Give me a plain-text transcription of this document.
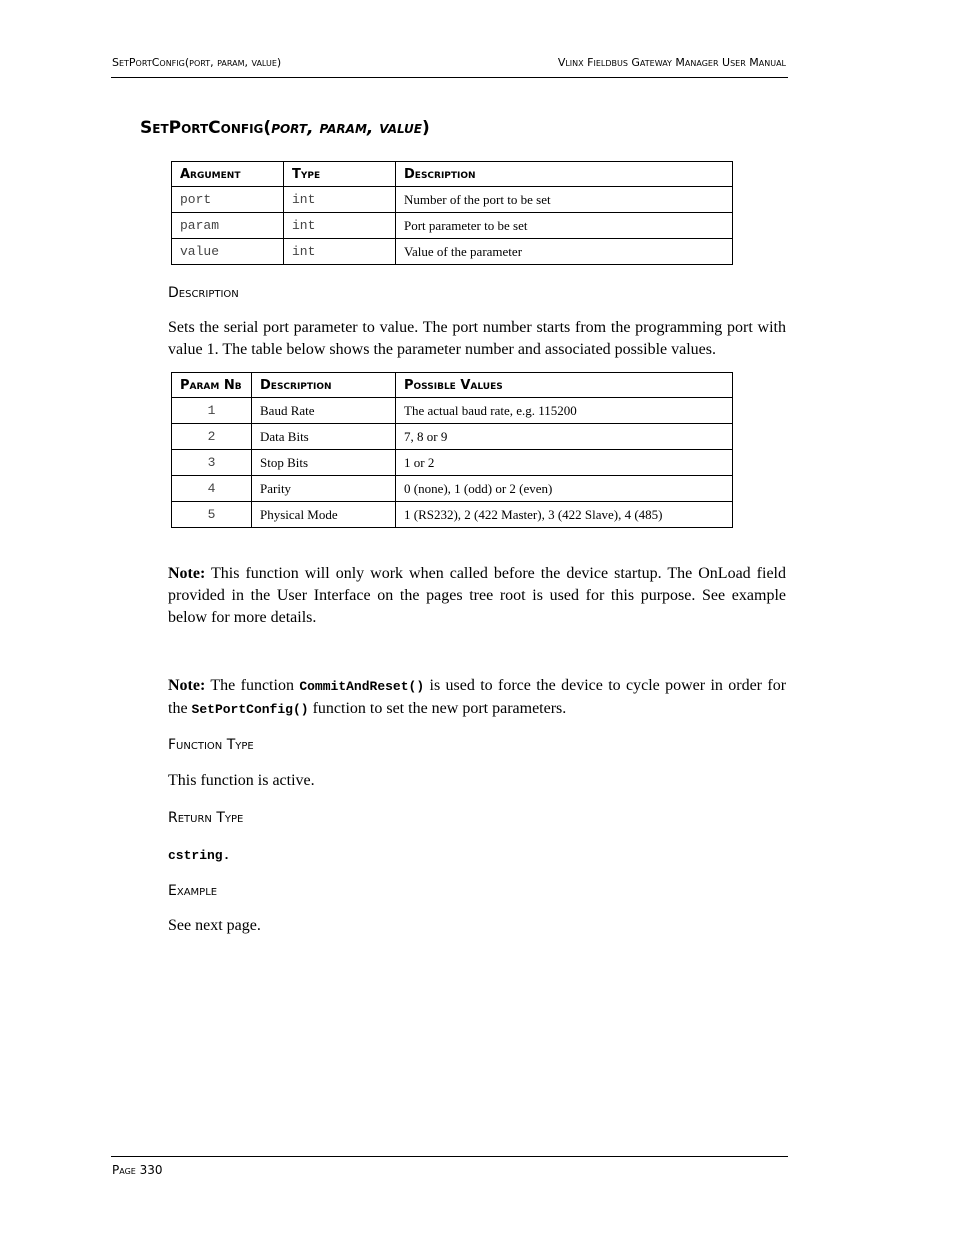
SetPortConfig(port, param, value)	Vlinx Fieldbus Gateway Manager User Manual
SetPortConfig(port, param, value)
Argument	Type	Description
port	int	Number of the port to be set
param	int	Port parameter to be set
value	int	Value of the parameter
Description
Sets the serial port parameter to value. The port number starts from the programming port with value 1. The table below shows the parameter number and associated possible values.
Param Nb	Description	Possible Values
1	Baud Rate	The actual baud rate, e.g. 115200
2	Data Bits	7, 8 or 9
3	Stop Bits	1 or 2
4	Parity	0 (none), 1 (odd) or 2 (even)
5	Physical Mode	1 (RS232), 2 (422 Master), 3 (422 Slave), 4 (485)
Note: This function will only work when called before the device startup. The OnLoad field provided in the User Interface on the pages tree root is used for this purpose. See example below for more details.
Note: The function CommitAndReset() is used to force the device to cycle power in order for the SetPortConfig() function to set the new port parameters.
Function Type
This function is active.
Return Type
cstring.
Example
See next page.
Page 330
